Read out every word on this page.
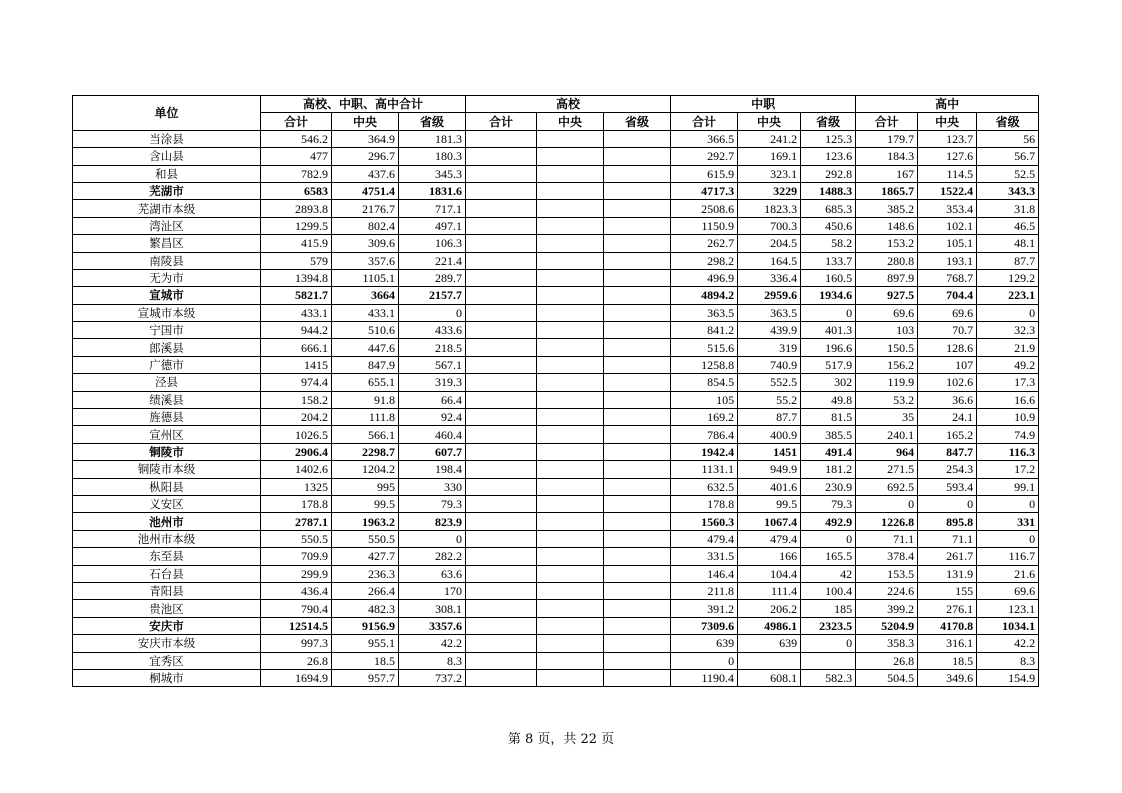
单位	高校、中职、高中合计			高校			中职			高中		
	合计	中央	省级	合计	中央	省级	合计	中央	省级	合计	中央	省级
当涂县	546.2	364.9	181.3				366.5	241.2	125.3	179.7	123.7	56
含山县	477	296.7	180.3				292.7	169.1	123.6	184.3	127.6	56.7
和县	782.9	437.6	345.3				615.9	323.1	292.8	167	114.5	52.5
芜湖市	6583	4751.4	1831.6				4717.3	3229	1488.3	1865.7	1522.4	343.3
芜湖市本级	2893.8	2176.7	717.1				2508.6	1823.3	685.3	385.2	353.4	31.8
湾沚区	1299.5	802.4	497.1				1150.9	700.3	450.6	148.6	102.1	46.5
繁昌区	415.9	309.6	106.3				262.7	204.5	58.2	153.2	105.1	48.1
南陵县	579	357.6	221.4				298.2	164.5	133.7	280.8	193.1	87.7
无为市	1394.8	1105.1	289.7				496.9	336.4	160.5	897.9	768.7	129.2
宣城市	5821.7	3664	2157.7				4894.2	2959.6	1934.6	927.5	704.4	223.1
宣城市本级	433.1	433.1	0				363.5	363.5	0	69.6	69.6	0
宁国市	944.2	510.6	433.6				841.2	439.9	401.3	103	70.7	32.3
郎溪县	666.1	447.6	218.5				515.6	319	196.6	150.5	128.6	21.9
广德市	1415	847.9	567.1				1258.8	740.9	517.9	156.2	107	49.2
泾县	974.4	655.1	319.3				854.5	552.5	302	119.9	102.6	17.3
绩溪县	158.2	91.8	66.4				105	55.2	49.8	53.2	36.6	16.6
旌德县	204.2	111.8	92.4				169.2	87.7	81.5	35	24.1	10.9
宣州区	1026.5	566.1	460.4				786.4	400.9	385.5	240.1	165.2	74.9
铜陵市	2906.4	2298.7	607.7				1942.4	1451	491.4	964	847.7	116.3
铜陵市本级	1402.6	1204.2	198.4				1131.1	949.9	181.2	271.5	254.3	17.2
枞阳县	1325	995	330				632.5	401.6	230.9	692.5	593.4	99.1
义安区	178.8	99.5	79.3				178.8	99.5	79.3	0	0	0
池州市	2787.1	1963.2	823.9				1560.3	1067.4	492.9	1226.8	895.8	331
池州市本级	550.5	550.5	0				479.4	479.4	0	71.1	71.1	0
东至县	709.9	427.7	282.2				331.5	166	165.5	378.4	261.7	116.7
石台县	299.9	236.3	63.6				146.4	104.4	42	153.5	131.9	21.6
青阳县	436.4	266.4	170				211.8	111.4	100.4	224.6	155	69.6
贵池区	790.4	482.3	308.1				391.2	206.2	185	399.2	276.1	123.1
安庆市	12514.5	9156.9	3357.6				7309.6	4986.1	2323.5	5204.9	4170.8	1034.1
安庆市本级	997.3	955.1	42.2				639	639	0	358.3	316.1	42.2
宜秀区	26.8	18.5	8.3				0			26.8	18.5	8.3
桐城市	1694.9	957.7	737.2				1190.4	608.1	582.3	504.5	349.6	154.9
第 8 页，共 22 页
